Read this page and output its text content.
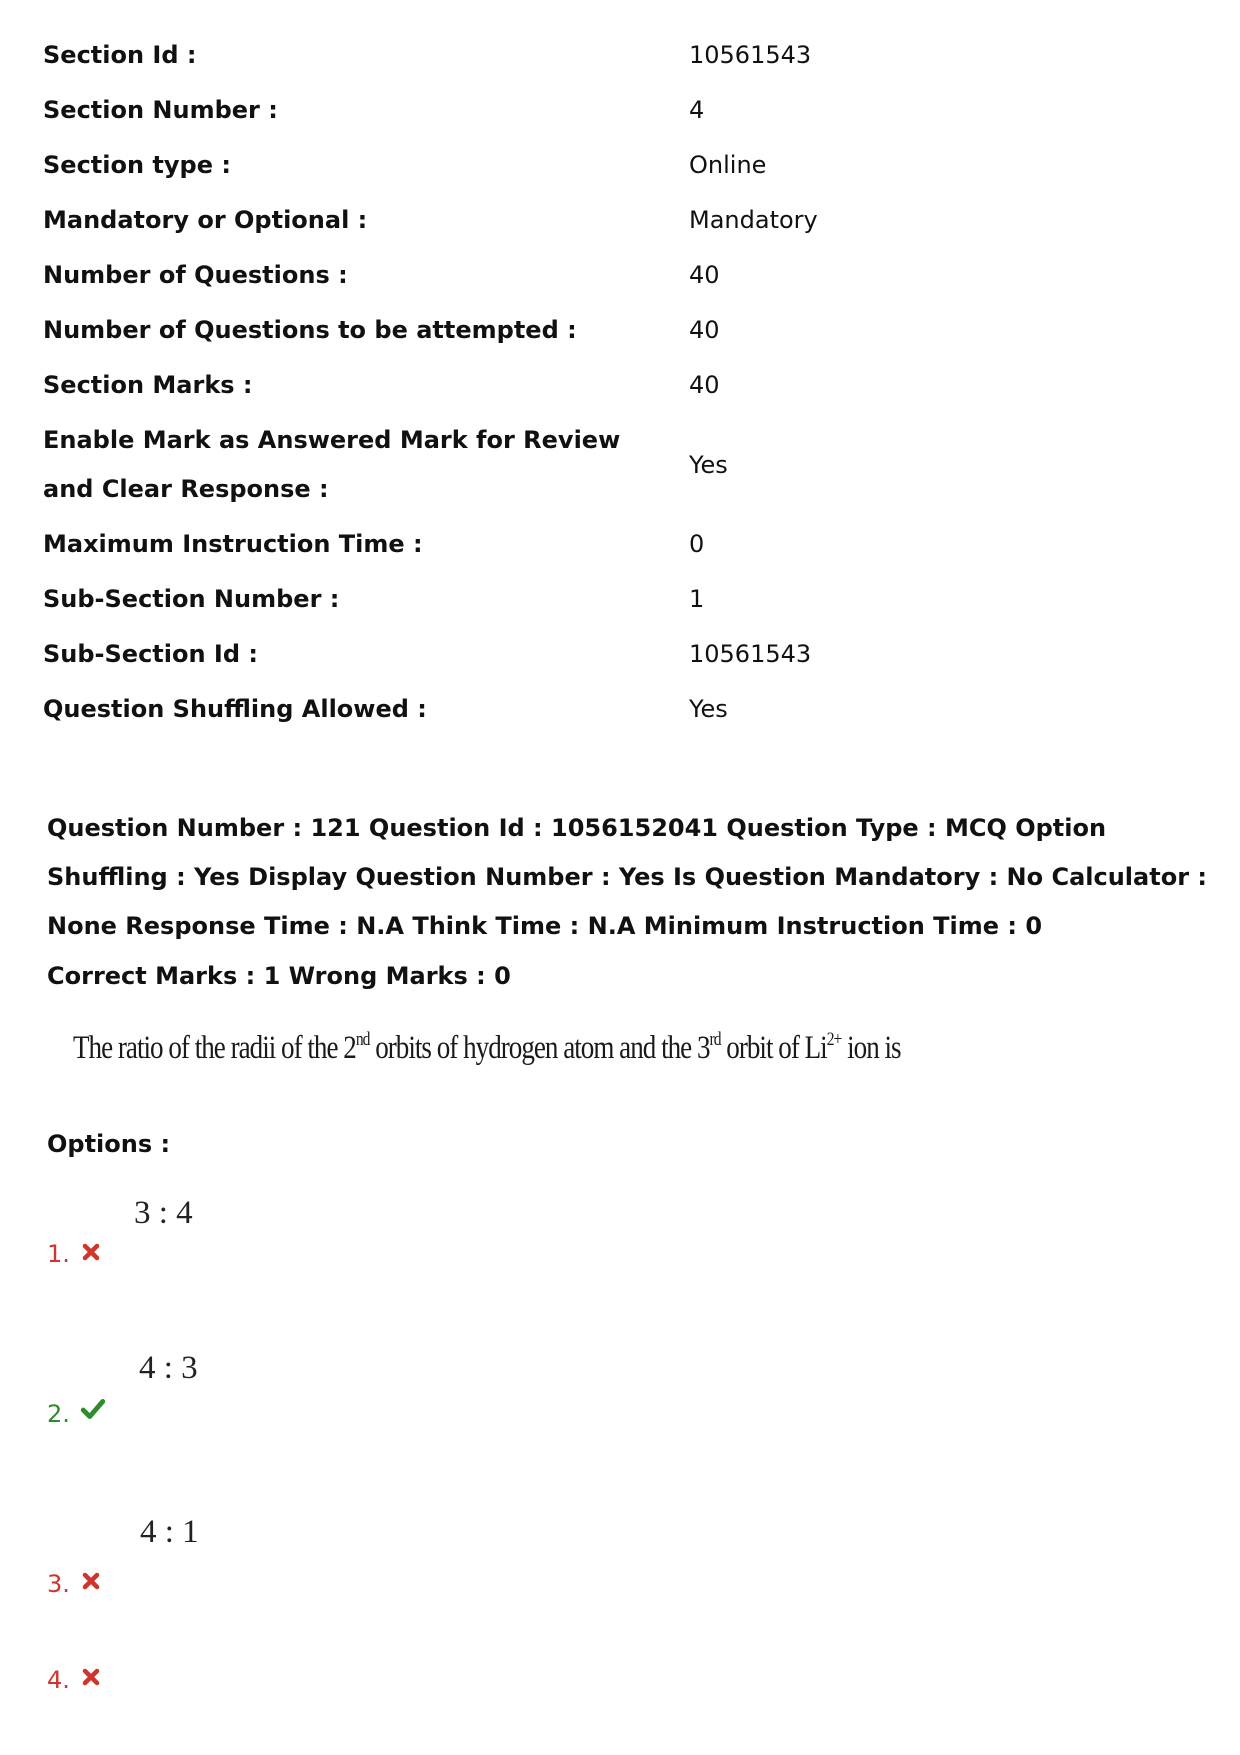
Section Id :	10561543
Section Number :	4
Section type :	Online
Mandatory or Optional :	Mandatory
Number of Questions :	40
Number of Questions to be attempted :	40
Section Marks :	40
Enable Mark as Answered Mark for Review and Clear Response :
Yes
Maximum Instruction Time :	0
Sub-Section Number :	1
Sub-Section Id :	10561543
Question Shuffling Allowed :	Yes
Question Number : 121 Question Id : 1056152041 Question Type : MCQ Option Shuffling : Yes Display Question Number : Yes Is Question Mandatory : No Calculator : None Response Time : N.A Think Time : N.A Minimum Instruction Time : 0
Correct Marks : 1 Wrong Marks : 0
The ratio of the radii of the 2nd orbits of hydrogen atom and the 3rd orbit of $Li^{2+}$ ion is
Options :
3 : 4
1.
4 : 3
2.
4 : 1
3.
4.
